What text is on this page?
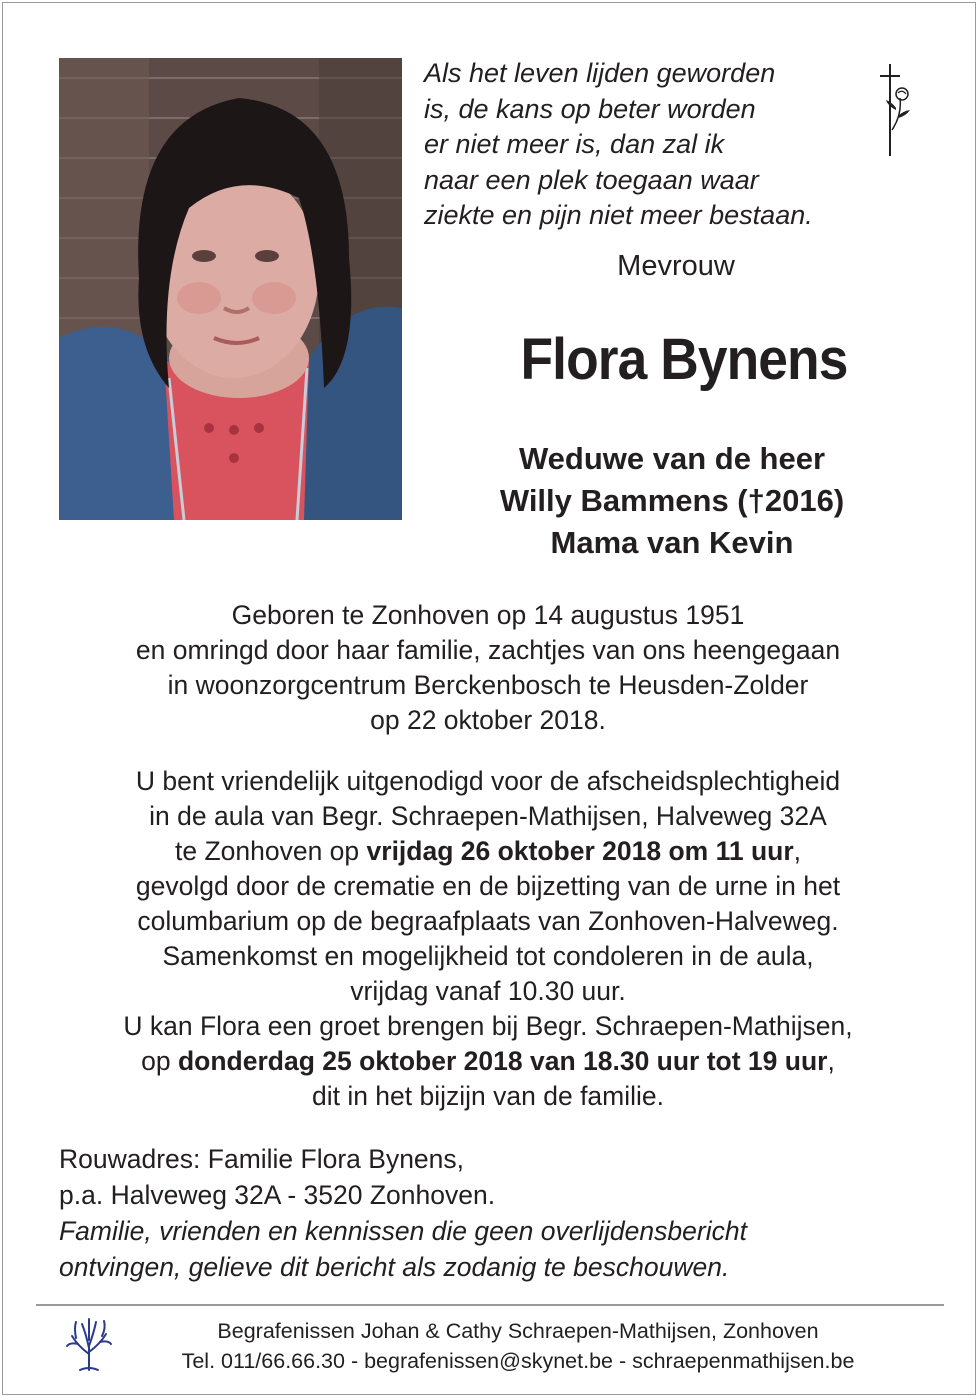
Als het leven lijden geworden
is, de kans op beter worden
er niet meer is, dan zal ik
naar een plek toegaan waar
ziekte en pijn niet meer bestaan.
Mevrouw
Flora Bynens
Weduwe van de heer
Willy Bammens (†2016)
Mama van Kevin
Geboren te Zonhoven op 14 augustus 1951
en omringd door haar familie, zachtjes van ons heengegaan
in woonzorgcentrum Berckenbosch te Heusden-Zolder
op 22 oktober 2018.
U bent vriendelijk uitgenodigd voor de afscheidsplechtigheid
in de aula van Begr. Schraepen-Mathijsen, Halveweg 32A
te Zonhoven op vrijdag 26 oktober 2018 om 11 uur,
gevolgd door de crematie en de bijzetting van de urne in het
columbarium op de begraafplaats van Zonhoven-Halveweg.
Samenkomst en mogelijkheid tot condoleren in de aula,
vrijdag vanaf 10.30 uur.
U kan Flora een groet brengen bij Begr. Schraepen-Mathijsen,
op donderdag 25 oktober 2018 van 18.30 uur tot 19 uur,
dit in het bijzijn van de familie.
Rouwadres: Familie Flora Bynens,
p.a. Halveweg 32A - 3520 Zonhoven.
Familie, vrienden en kennissen die geen overlijdensbericht
ontvingen, gelieve dit bericht als zodanig te beschouwen.
Begrafenissen Johan & Cathy Schraepen-Mathijsen, Zonhoven
Tel. 011/66.66.30 - begrafenissen@skynet.be - schraepenmathijsen.be
